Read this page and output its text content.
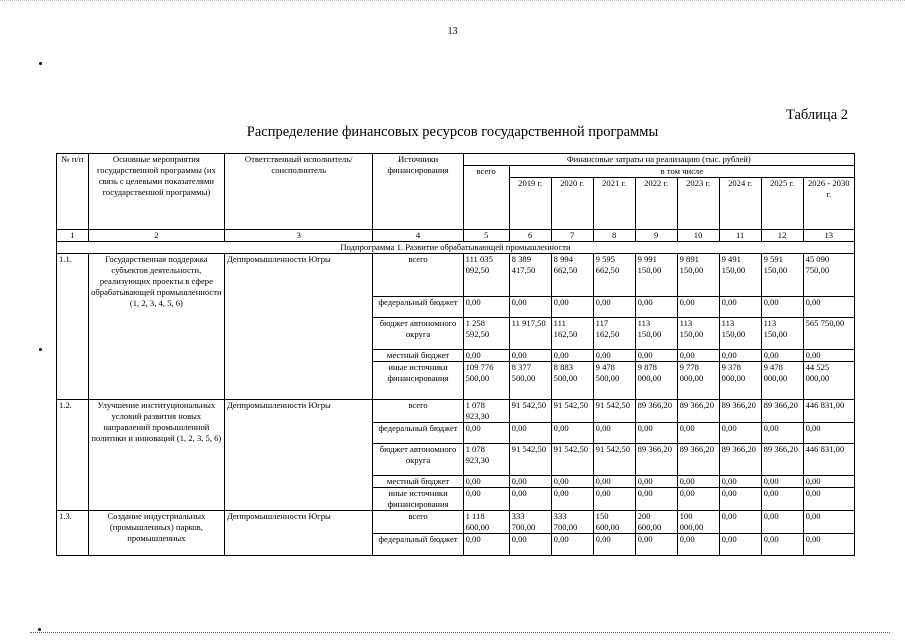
13
Таблица 2
Распределение финансовых ресурсов государственной программы
№ п/п	Основные мероприятия государственной программы (их связь с целевыми показателями государственной программы)	Ответственный исполнитель/соисполнитель	Источники финансирования	Финансовые затраты на реализацию (тыс. рублей)								
				всего	в том числе							
					2019 г.	2020 г.	2021 г.	2022 г.	2023 г.	2024 г.	2025 г.	2026 - 2030 г.
1	2	3	4	5	6	7	8	9	10	11	12	13
Подпрограмма 1. Развитие обрабатывающей промышленности												
1.1.	Государственная поддержка субъектов деятельности, реализующих проекты в сфере обрабатывающей промышленности (1, 2, 3, 4, 5, 6)	Деппромышленности Югры	всего	111 035 092,50	8 389 417,50	8 994 662,50	9 595 662,50	9 991 150,00	9 891 150,00	9 491 150,00	9 591 150,00	45 090 750,00
			федеральный бюджет	0,00	0,00	0,00	0,00	0,00	0,00	0,00	0,00	0,00
			бюджет автономного округа	1 258 592,50	11 917,50	111 162,50	117 162,50	113 150,00	113 150,00	113 150,00	113 150,00	565 750,00
			местный бюджет	0,00	0,00	0,00	0,00	0,00	0,00	0,00	0,00	0,00
			иные источники финансирования	109 776 500,00	8 377 500,00	8 883 500,00	9 478 500,00	9 878 000,00	9 778 000,00	9 378 000,00	9 478 000,00	44 525 000,00
1.2.	Улучшение институциональных условий развития новых направлений промышленной политики и инноваций (1, 2, 3, 5, 6)	Деппромышленности Югры	всего	1 078 923,30	91 542,50	91 542,50	91 542,50	89 366,20	89 366,20	89 366,20	89 366,20	446 831,00
			федеральный бюджет	0,00	0,00	0,00	0,00	0,00	0,00	0,00	0,00	0,00
			бюджет автономного округа	1 078 923,30	91 542,50	91 542,50	91 542,50	89 366,20	89 366,20	89 366,20	89 366,20	446 831,00
			местный бюджет	0,00	0,00	0,00	0,00	0,00	0,00	0,00	0,00	0,00
			иные источники финансирования	0,00	0,00	0,00	0,00	0,00	0,00	0,00	0,00	0,00
1.3.	Создание индустриальных (промышленных) парков, промышленных	Деппромышленности Югры	всего	1 118 600,00	333 700,00	333 700,00	150 600,00	200 600,00	100 000,00	0,00	0,00	0,00
			федеральный бюджет	0,00	0,00	0,00	0,00	0,00	0,00	0,00	0,00	0,00
